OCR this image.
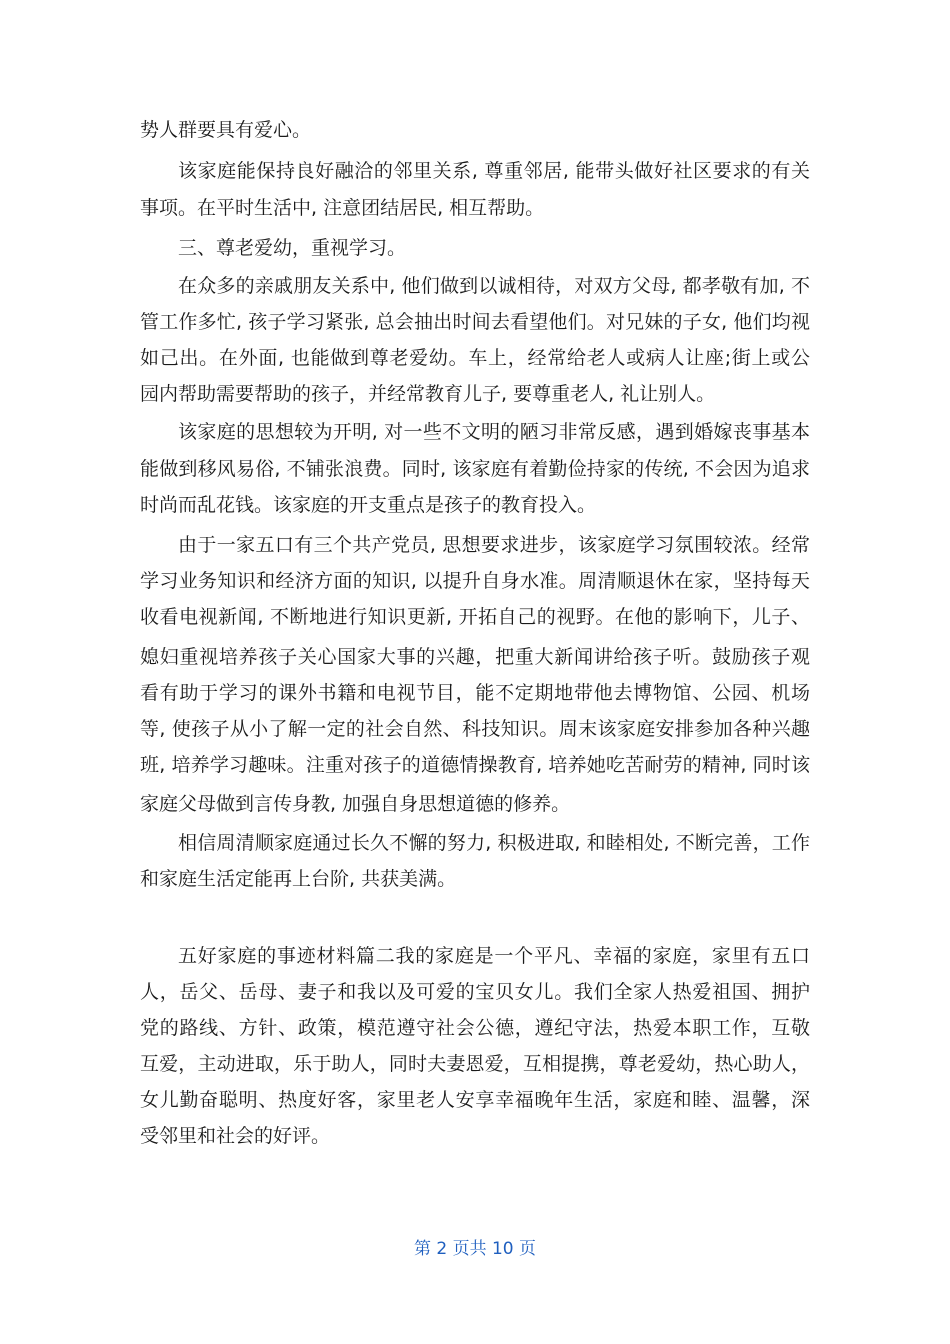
势人群要具有爱心。
该家庭能保持良好融洽的邻里关系, 尊重邻居, 能带头做好社区要求的有关
事项。在平时生活中, 注意团结居民, 相互帮助。
三、尊老爱幼，重视学习。
在众多的亲戚朋友关系中, 他们做到以诚相待，对双方父母, 都孝敬有加, 不
管工作多忙, 孩子学习紧张, 总会抽出时间去看望他们。对兄妹的子女, 他们均视
如己出。在外面, 也能做到尊老爱幼。车上，经常给老人或病人让座;街上或公
园内帮助需要帮助的孩子，并经常教育儿子, 要尊重老人, 礼让别人。
该家庭的思想较为开明, 对一些不文明的陋习非常反感，遇到婚嫁丧事基本
能做到移风易俗, 不铺张浪费。同时, 该家庭有着勤俭持家的传统, 不会因为追求
时尚而乱花钱。该家庭的开支重点是孩子的教育投入。
由于一家五口有三个共产党员, 思想要求进步，该家庭学习氛围较浓。经常
学习业务知识和经济方面的知识, 以提升自身水准。周清顺退休在家，坚持每天
收看电视新闻, 不断地进行知识更新, 开拓自己的视野。在他的影响下，儿子、
媳妇重视培养孩子关心国家大事的兴趣，把重大新闻讲给孩子听。鼓励孩子观
看有助于学习的课外书籍和电视节目，能不定期地带他去博物馆、公园、机场
等, 使孩子从小了解一定的社会自然、科技知识。周末该家庭安排参加各种兴趣
班, 培养学习趣味。注重对孩子的道德情操教育, 培养她吃苦耐劳的精神, 同时该
家庭父母做到言传身教, 加强自身思想道德的修养。
相信周清顺家庭通过长久不懈的努力, 积极进取, 和睦相处, 不断完善，工作
和家庭生活定能再上台阶, 共获美满。
五好家庭的事迹材料篇二我的家庭是一个平凡、幸福的家庭，家里有五口
人，岳父、岳母、妻子和我以及可爱的宝贝女儿。我们全家人热爱祖国、拥护
党的路线、方针、政策，模范遵守社会公德，遵纪守法，热爱本职工作，互敬
互爱，主动进取，乐于助人，同时夫妻恩爱，互相提携，尊老爱幼，热心助人，
女儿勤奋聪明、热度好客，家里老人安享幸福晚年生活，家庭和睦、温馨，深
受邻里和社会的好评。
第 2 页共 10 页
